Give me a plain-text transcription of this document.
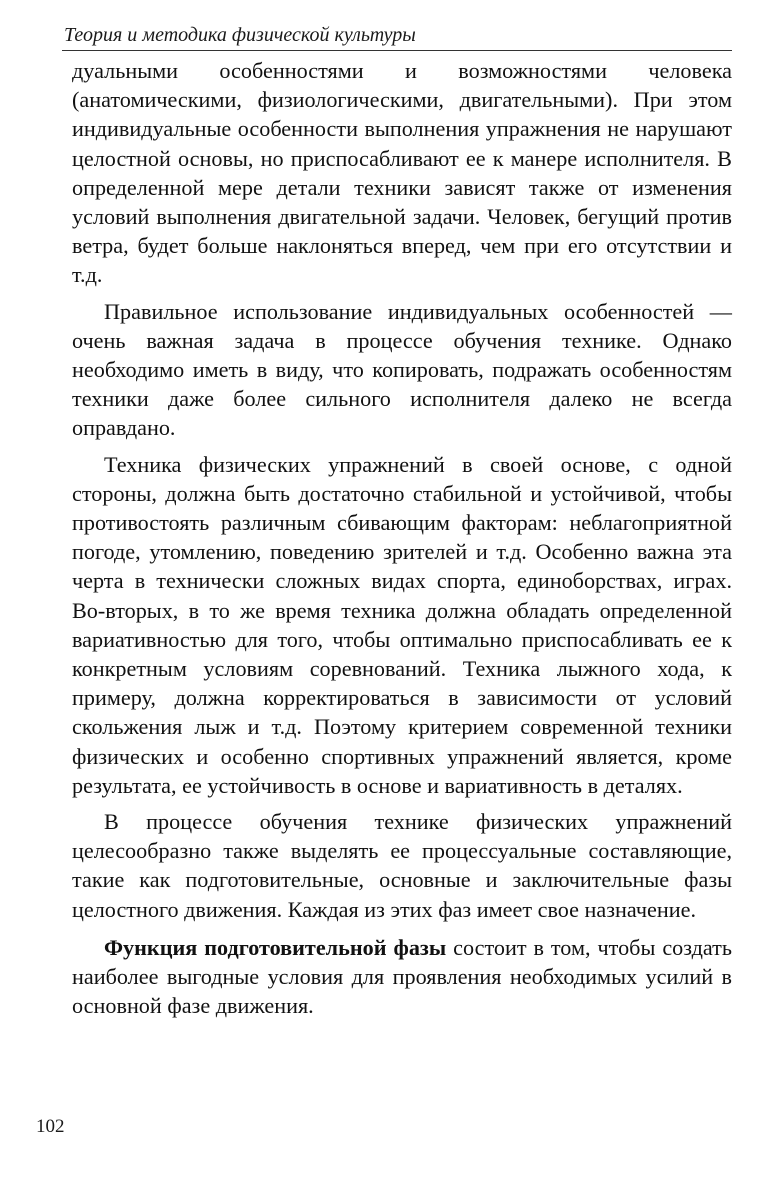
Теория и методика физической культуры

дуальными особенностями и возможностями человека (анатомическими, физиологическими, двигательными). При этом индивидуальные особенности выполнения упражнения не нарушают целостной основы, но приспосабливают ее к манере исполнителя. В определенной мере детали техники зависят также от изменения условий выполнения двигательной задачи. Человек, бегущий против ветра, будет больше наклоняться вперед, чем при его отсутствии и т.д.

Правильное использование индивидуальных особенностей — очень важная задача в процессе обучения технике. Однако необходимо иметь в виду, что копировать, подражать особенностям техники даже более сильного исполнителя далеко не всегда оправдано.

Техника физических упражнений в своей основе, с одной стороны, должна быть достаточно стабильной и устойчивой, чтобы противостоять различным сбивающим факторам: неблагоприятной погоде, утомлению, поведению зрителей и т.д. Особенно важна эта черта в технически сложных видах спорта, единоборствах, играх. Во-вторых, в то же время техника должна обладать определенной вариативностью для того, чтобы оптимально приспосабливать ее к конкретным условиям соревнований. Техника лыжного хода, к примеру, должна корректироваться в зависимости от условий скольжения лыж и т.д. Поэтому критерием современной техники физических и особенно спортивных упражнений является, кроме результата, ее устойчивость в основе и вариативность в деталях.

В процессе обучения технике физических упражнений целесообразно также выделять ее процессуальные составляющие, такие как подготовительные, основные и заключительные фазы целостного движения. Каждая из этих фаз имеет свое назначение.

Функция подготовительной фазы состоит в том, чтобы создать наиболее выгодные условия для проявления необходимых усилий в основной фазе движения.

102
